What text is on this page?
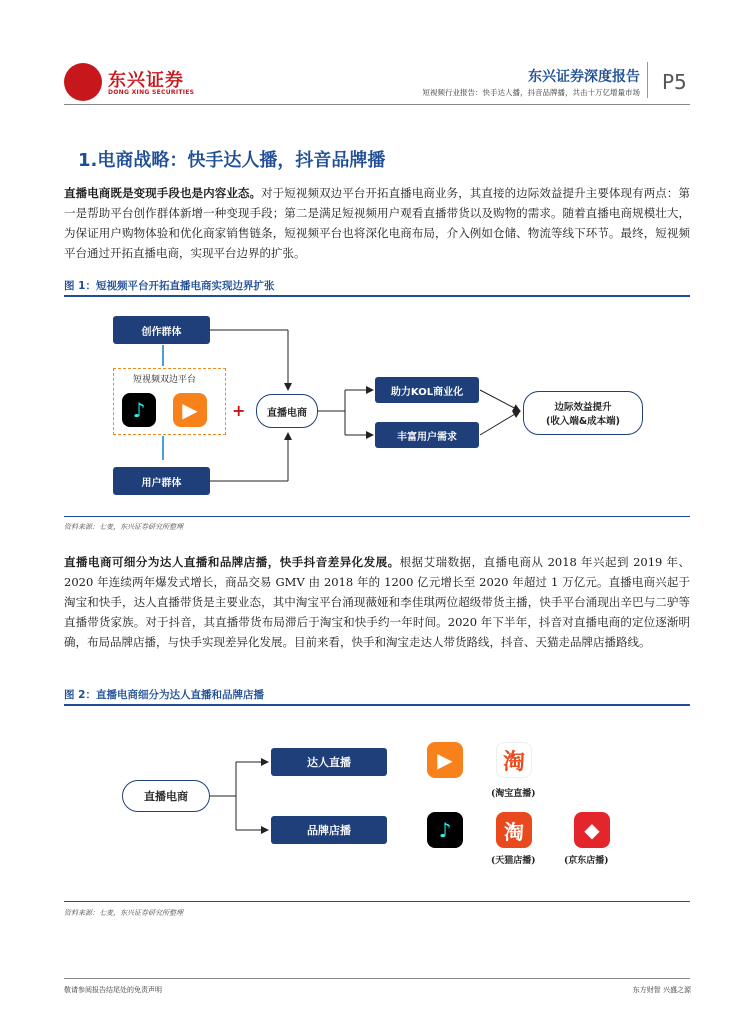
东兴证券
DONG XING SECURITIES
东兴证券深度报告
短视频行业报告：快手达人播，抖音品牌播，共击十万亿增量市场 P5
1.电商战略：快手达人播，抖音品牌播
直播电商既是变现手段也是内容业态。对于短视频双边平台开拓直播电商业务，其直接的边际效益提升主要体现有两点：第一是帮助平台创作群体新增一种变现手段；第二是满足短视频用户观看直播带货以及购物的需求。随着直播电商规模壮大，为保证用户购物体验和优化商家销售链条，短视频平台也将深化电商布局，介入例如仓储、物流等线下环节。最终，短视频平台通过开拓直播电商，实现平台边界的扩张。
图 1：短视频平台开拓直播电商实现边界扩张
创作群体
短视频双边平台
♪	▶
用户群体
+	直播电商
助力KOL商业化
丰富用户需求
边际效益提升
(收入端&成本端)
资料来源：七麦，东兴证券研究所整理
直播电商可细分为达人直播和品牌店播，快手抖音差异化发展。根据艾瑞数据，直播电商从 2018 年兴起到 2019 年、2020 年连续两年爆发式增长，商品交易 GMV 由 2018 年的 1200 亿元增长至 2020 年超过 1 万亿元。直播电商兴起于淘宝和快手，达人直播带货是主要业态，其中淘宝平台涌现薇娅和李佳琪两位超级带货主播，快手平台涌现出辛巴与二驴等直播带货家族。对于抖音，其直播带货布局滞后于淘宝和快手约一年时间。2020 年下半年，抖音对直播电商的定位逐渐明确，布局品牌店播，与快手实现差异化发展。目前来看，快手和淘宝走达人带货路线，抖音、天猫走品牌店播路线。
图 2：直播电商细分为达人直播和品牌店播
直播电商
达人直播
品牌店播
▶	淘
(淘宝直播)
♪	淘
(天猫店播)
◆
(京东店播)
资料来源：七麦，东兴证券研究所整理
敬请参阅报告结尾处的免责声明	东方财智 兴盛之源
